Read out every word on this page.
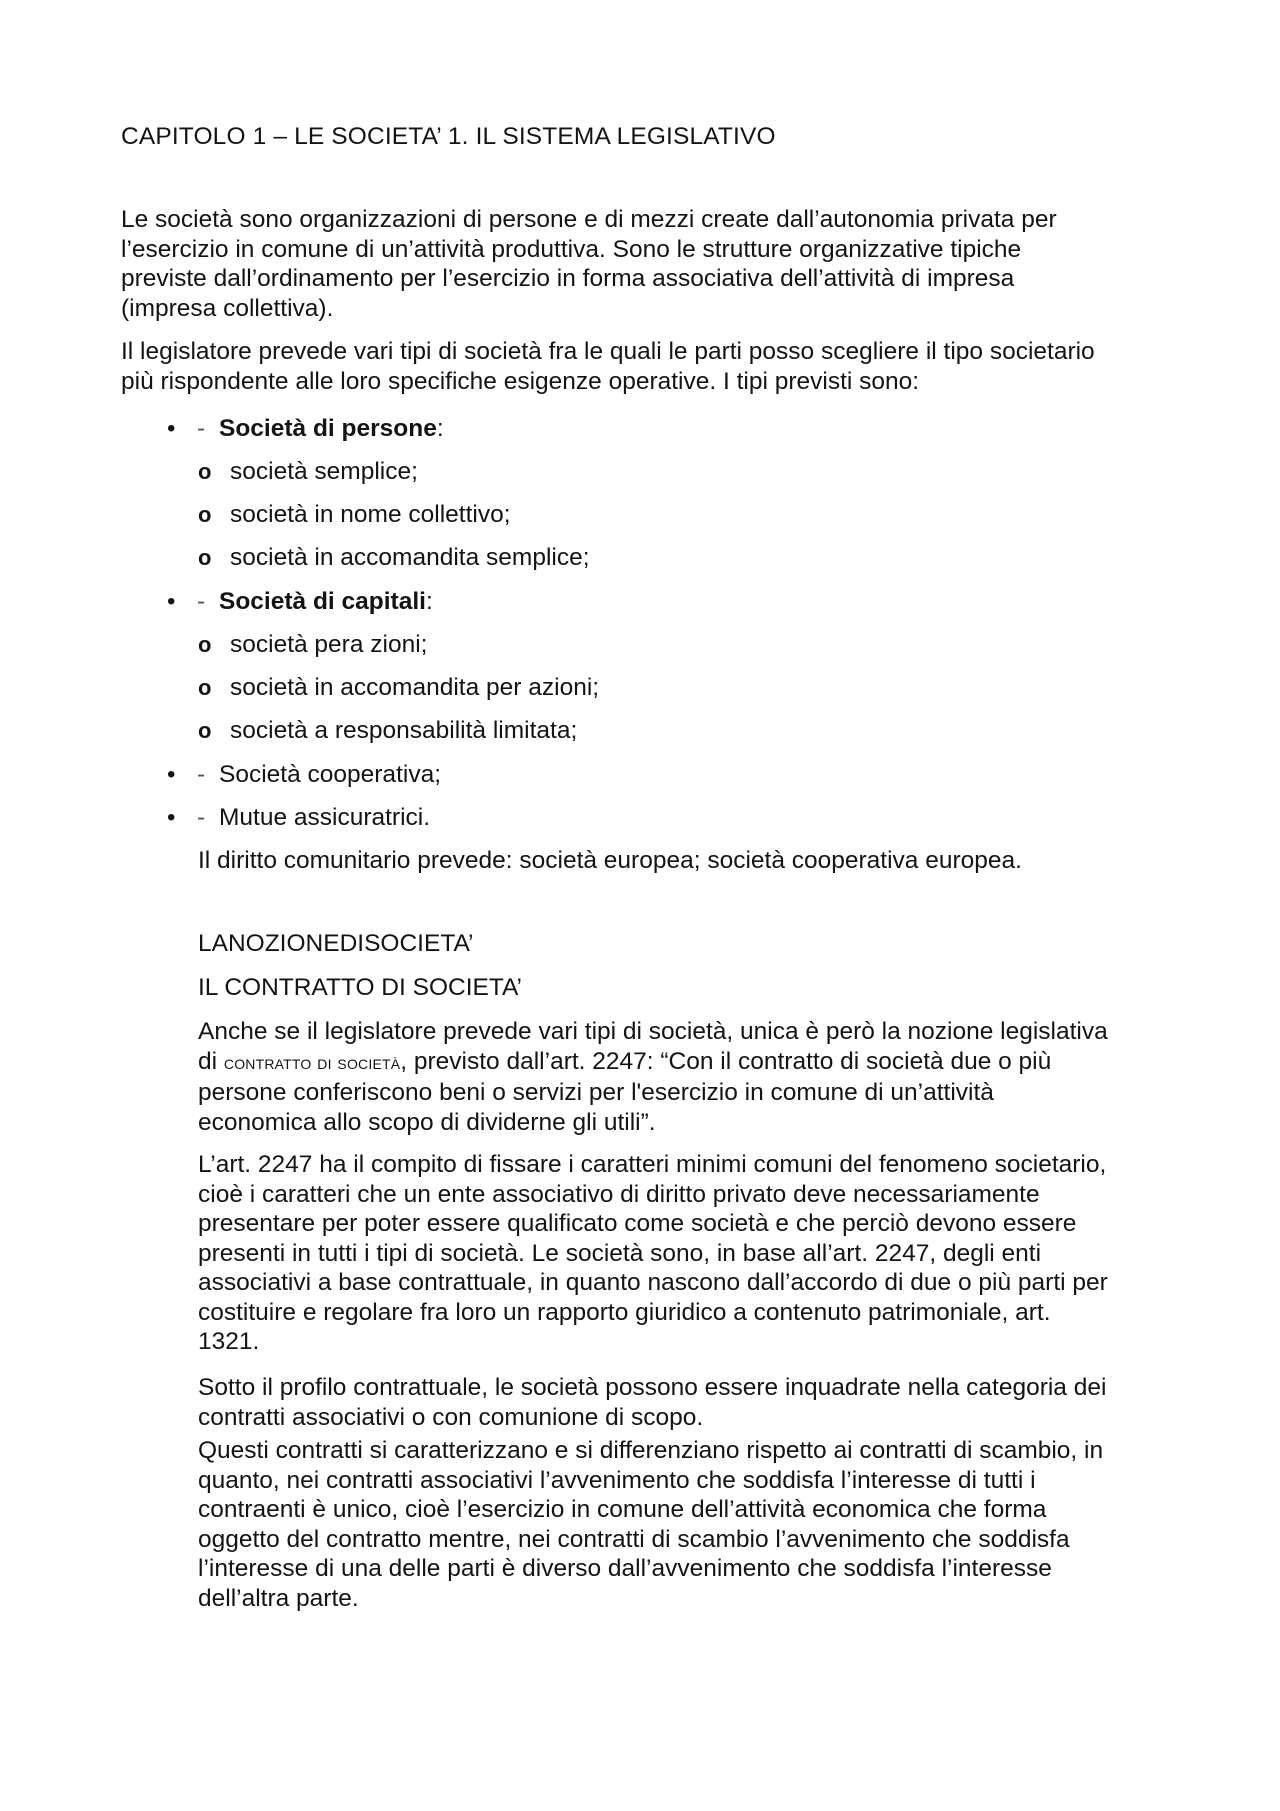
CAPITOLO 1 – LE SOCIETA’ 1. IL SISTEMA LEGISLATIVO
Le società sono organizzazioni di persone e di mezzi create dall’autonomia privata per
l’esercizio in comune di un’attività produttiva. Sono le strutture organizzative tipiche
previste dall’ordinamento per l’esercizio in forma associativa dell’attività di impresa
(impresa collettiva).
Il legislatore prevede vari tipi di società fra le quali le parti posso scegliere il tipo societario
più rispondente alle loro specifiche esigenze operative. I tipi previsti sono:
• - Società di persone :
o società semplice;
o società in nome collettivo;
o società in accomandita semplice;
• - Società di capitali :
o società pera zioni;
o società in accomandita per azioni;
o società a responsabilità limitata;
• - Società cooperativa;
• - Mutue assicuratrici.
Il diritto comunitario prevede: società europea; società cooperativa europea.
LANOZIONEDISOCIETA’
IL CONTRATTO DI SOCIETA’
Anche se il legislatore prevede vari tipi di società, unica è però la nozione legislativa
di contratto di società, previsto dall’art. 2247: “Con il contratto di società due o più
persone conferiscono beni o servizi per l'esercizio in comune di un’attività
economica allo scopo di dividerne gli utili”.
L’art. 2247 ha il compito di fissare i caratteri minimi comuni del fenomeno societario,
cioè i caratteri che un ente associativo di diritto privato deve necessariamente
presentare per poter essere qualificato come società e che perciò devono essere
presenti in tutti i tipi di società. Le società sono, in base all’art. 2247, degli enti
associativi a base contrattuale, in quanto nascono dall’accordo di due o più parti per
costituire e regolare fra loro un rapporto giuridico a contenuto patrimoniale, art.
1321.
Sotto il profilo contrattuale, le società possono essere inquadrate nella categoria dei
contratti associativi o con comunione di scopo.
Questi contratti si caratterizzano e si differenziano rispetto ai contratti di scambio, in
quanto, nei contratti associativi l’avvenimento che soddisfa l’interesse di tutti i
contraenti è unico, cioè l’esercizio in comune dell’attività economica che forma
oggetto del contratto mentre, nei contratti di scambio l’avvenimento che soddisfa
l’interesse di una delle parti è diverso dall’avvenimento che soddisfa l’interesse
dell’altra parte.
